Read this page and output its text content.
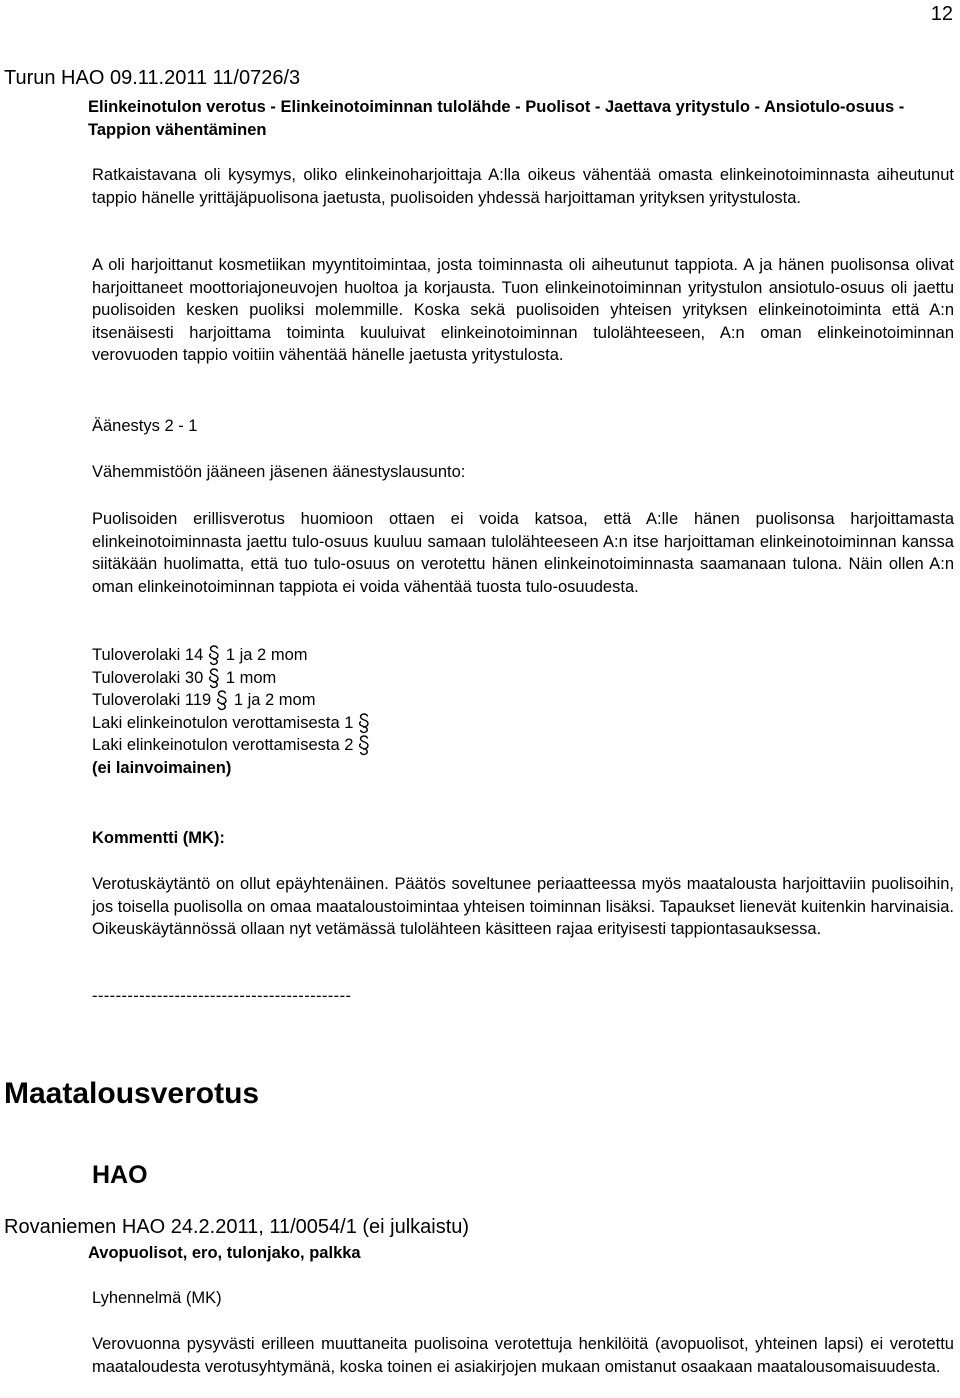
12
Turun HAO 09.11.2011 11/0726/3
Elinkeinotulon verotus - Elinkeinotoiminnan tulolähde - Puolisot - Jaettava yritystulo - Ansiotulo-osuus - Tappion vähentäminen
Ratkaistavana oli kysymys, oliko elinkeinoharjoittaja A:lla oikeus vähentää omasta elinkeinotoiminnasta aiheutunut tappio hänelle yrittäjäpuolisona jaetusta, puolisoiden yhdessä harjoittaman yrityksen yritystulosta.
A oli harjoittanut kosmetiikan myyntitoimintaa, josta toiminnasta oli aiheutunut tappiota. A ja hänen puolisonsa olivat harjoittaneet moottoriajoneuvojen huoltoa ja korjausta. Tuon elinkeinotoiminnan yritystulon ansiotulo-osuus oli jaettu puolisoiden kesken puoliksi molemmille. Koska sekä puolisoiden yhteisen yrityksen elinkeinotoiminta että A:n itsenäisesti harjoittama toiminta kuuluivat elinkeinotoiminnan tulolähteeseen, A:n oman elinkeinotoiminnan verovuoden tappio voitiin vähentää hänelle jaetusta yritystulosta.
Äänestys 2 - 1
Vähemmistöön jääneen jäsenen äänestyslausunto:
Puolisoiden erillisverotus huomioon ottaen ei voida katsoa, että A:lle hänen puolisonsa harjoittamasta elinkeinotoiminnasta jaettu tulo-osuus kuuluu samaan tulolähteeseen A:n itse harjoittaman elinkeinotoiminnan kanssa siitäkään huolimatta, että tuo tulo-osuus on verotettu hänen elinkeinotoiminnasta saamanaan tulona. Näin ollen A:n oman elinkeinotoiminnan tappiota ei voida vähentää tuosta tulo-osuudesta.
Tuloverolaki 14 1 ja 2 mom
Tuloverolaki 30 1 mom
Tuloverolaki 119 1 ja 2 mom
Laki elinkeinotulon verottamisesta 1
Laki elinkeinotulon verottamisesta 2
(ei lainvoimainen)
Kommentti (MK):
Verotuskäytäntö on ollut epäyhtenäinen. Päätös soveltunee periaatteessa myös maatalousta harjoittaviin puolisoihin, jos toisella puolisolla on omaa maataloustoimintaa yhteisen toiminnan lisäksi. Tapaukset lienevät kuitenkin harvinaisia. Oikeuskäytännössä ollaan nyt vetämässä tulolähteen käsitteen rajaa erityisesti tappiontasauksessa.
--------------------------------------------
Maatalousverotus
HAO
Rovaniemen HAO 24.2.2011, 11/0054/1 (ei julkaistu)
Avopuolisot, ero, tulonjako, palkka
Lyhennelmä (MK)
Verovuonna pysyvästi erilleen muuttaneita puolisoina verotettuja henkilöitä (avopuolisot, yhteinen lapsi) ei verotettu maataloudesta verotusyhtymänä, koska toinen ei asiakirjojen mukaan omistanut osaakaan maatalousomaisuudesta.
